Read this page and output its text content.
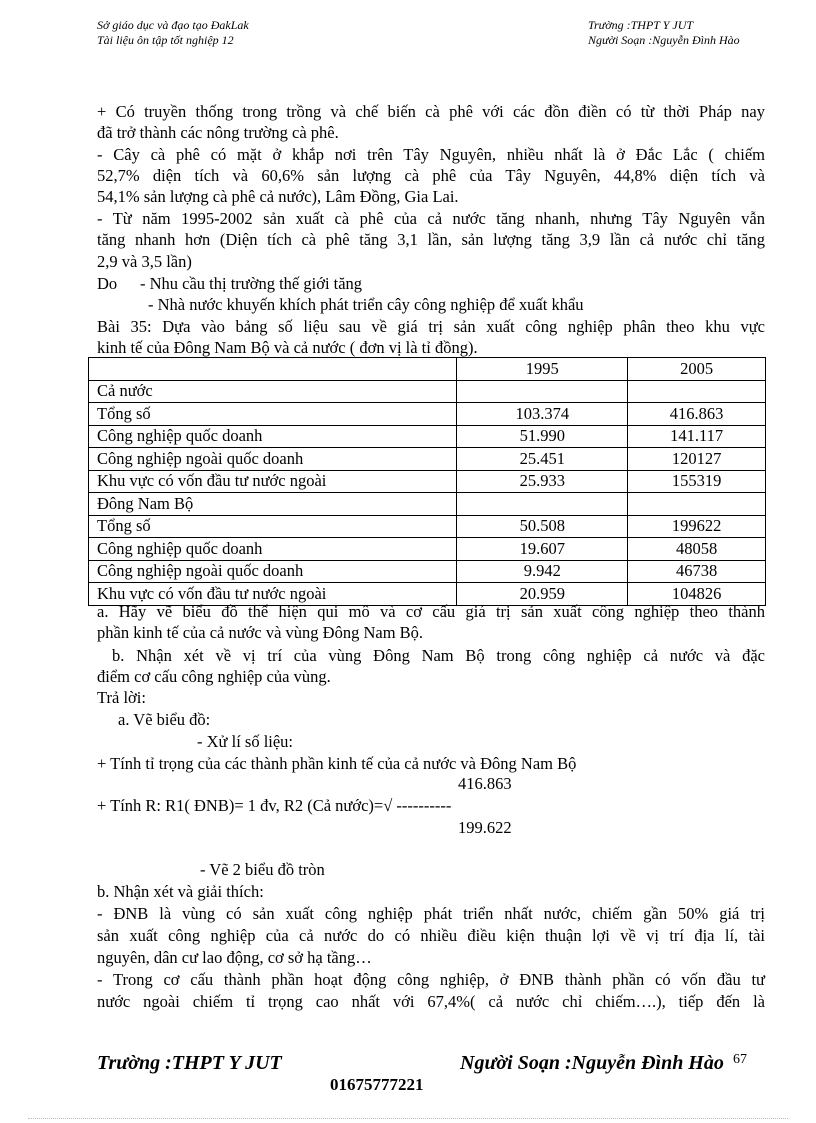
Sở giáo dục và đạo tạo ĐakLak
Tài liệu ôn tập tốt nghiệp 12
Trường :THPT Y JUT
Người Soạn :Nguyễn Đình Hào
+ Có truyền thống trong trồng và chế biến cà phê với các đồn điền có từ thời Pháp nay
đã trở thành các nông trường cà phê.
- Cây cà phê có mặt ở khắp nơi trên Tây Nguyên, nhiều nhất là ở Đắc Lắc ( chiếm
52,7% diện tích và 60,6% sản lượng cà phê của Tây Nguyên, 44,8% diện tích và
54,1% sản lượng cà phê cả nước), Lâm Đồng, Gia Lai.
- Từ năm 1995-2002 sản xuất cà phê của cả nước tăng nhanh, nhưng Tây Nguyên vẫn
tăng nhanh hơn (Diện tích cà phê tăng 3,1 lần, sản lượng tăng 3,9 lần cả nước chỉ tăng
2,9 và 3,5 lần)
Do	- Nhu cầu thị trường thế giới tăng
- Nhà nước khuyến khích phát triển cây công nghiệp để xuất khẩu
Bài 35: Dựa vào bảng số liệu sau về giá trị sản xuất công nghiệp phân theo khu vực
kinh tế của Đông Nam Bộ và cả nước ( đơn vị là tỉ đồng).
	1995	2005
Cả nước		
Tổng số	103.374	416.863
Công nghiệp quốc doanh	51.990	141.117
Công nghiệp ngoài quốc doanh	25.451	120127
Khu vực có vốn đầu tư nước ngoài	25.933	155319
Đông Nam Bộ		
Tổng số	50.508	199622
Công nghiệp quốc doanh	19.607	48058
Công nghiệp ngoài quốc doanh	9.942	46738
Khu vực có vốn đầu tư nước ngoài	20.959	104826
a. Hãy vẽ biểu đồ thể hiện qui mô và cơ cấu giá trị sản xuất công nghiệp theo thành
phần kinh tế của cả nước và vùng Đông Nam Bộ.
b. Nhận xét về vị trí của vùng Đông Nam Bộ trong công nghiệp cả nước và đặc
điểm cơ cấu công nghiệp của vùng.
Trả lời:
a. Vẽ biểu đồ:
- Xử lí số liệu:
+ Tính tỉ trọng của các thành phần kinh tế của cả nước và Đông Nam Bộ
416.863
+ Tính R: R1( ĐNB)= 1 đv, R2 (Cả nước)=√ ----------
199.622
- Vẽ 2 biểu đồ tròn
b. Nhận xét và giải thích:
- ĐNB là vùng có sản xuất công nghiệp phát triển nhất nước, chiếm gần 50% giá trị
sản xuất công nghiệp của cả nước do có nhiều điều kiện thuận lợi về vị trí địa lí, tài
nguyên, dân cư lao động, cơ sở hạ tầng…
- Trong cơ cấu thành phần hoạt động công nghiệp, ở ĐNB thành phần có vốn đầu tư
nước ngoài chiếm tỉ trọng cao nhất với 67,4%( cả nước chỉ chiếm….), tiếp đến là
Trường :THPT Y JUT	Người Soạn :Nguyễn Đình Hào 67
01675777221
